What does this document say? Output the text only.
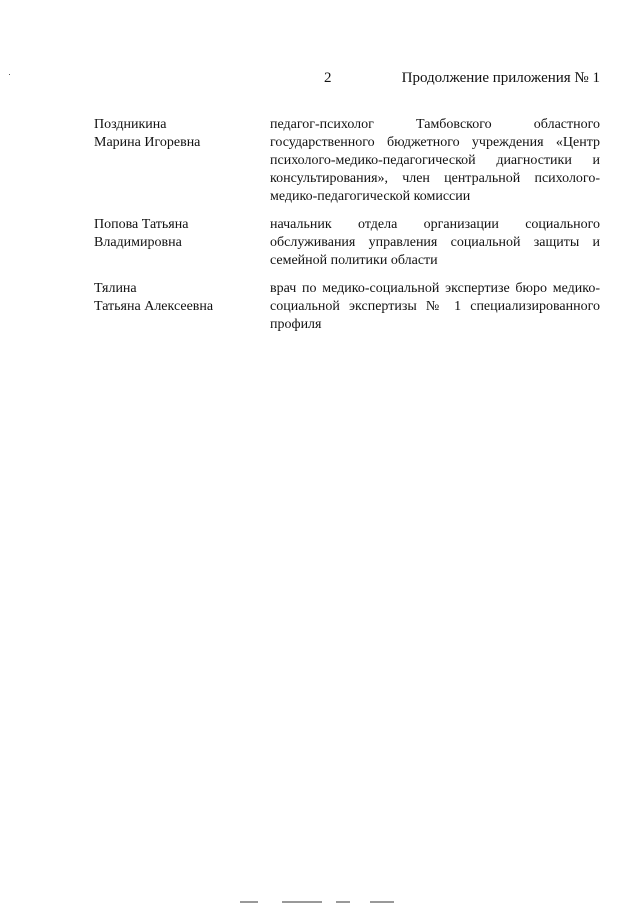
2	Продолжение приложения № 1
Поздникина
Марина Игоревна
педагог-психолог Тамбовского областного государственного бюджетного учреждения «Центр психолого-медико-педагогической диагностики и консультирования», член центральной психолого-медико-педагогической комиссии
Попова Татьяна
Владимировна
начальник отдела организации социального обслуживания управления социальной защиты и семейной политики области
Тялина
Татьяна Алексеевна
врач по медико-социальной экспертизе бюро медико-социальной экспертизы № 1 специализированного профиля
